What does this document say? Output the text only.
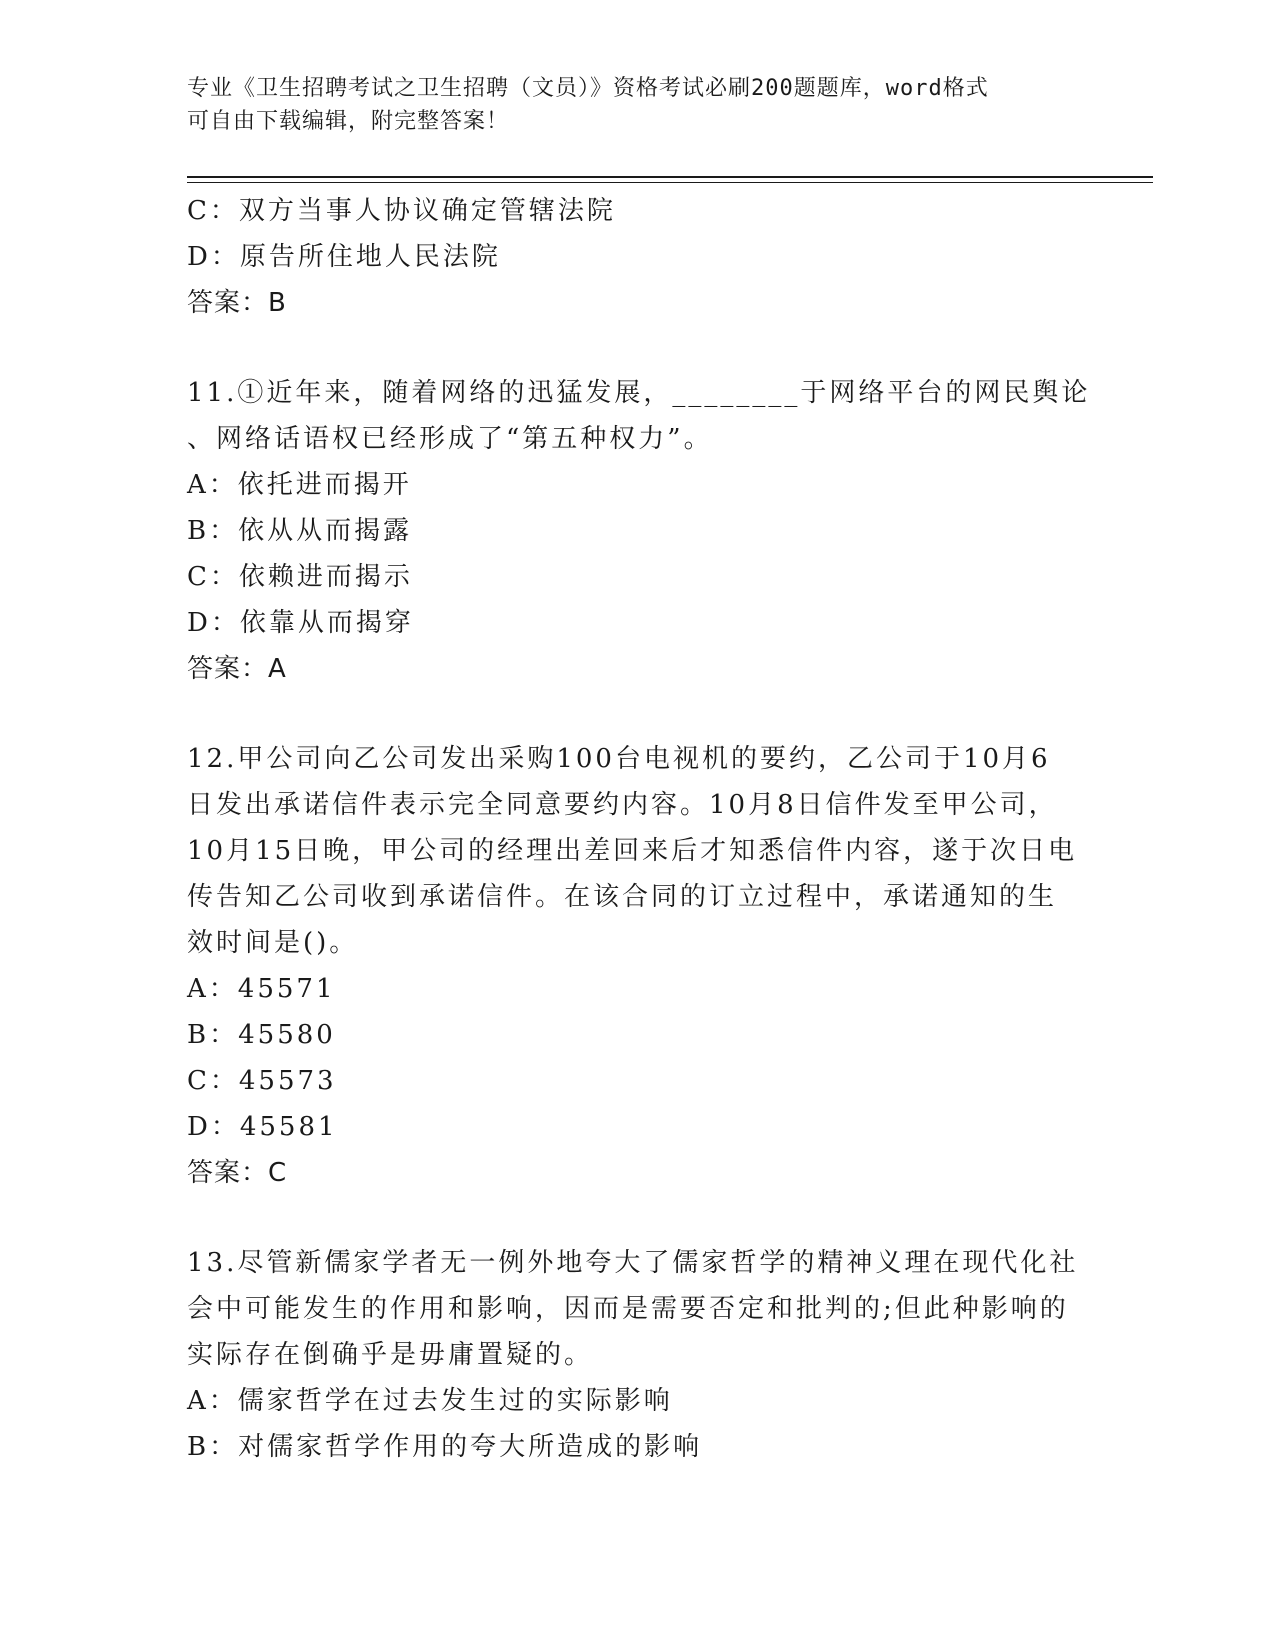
专业《卫生招聘考试之卫生招聘（文员）》资格考试必刷200题题库，word格式
可自由下载编辑，附完整答案！
C：双方当事人协议确定管辖法院
D：原告所住地人民法院
答案：B
11.①近年来，随着网络的迅猛发展，________于网络平台的网民舆论
、网络话语权已经形成了“第五种权力”。
A：依托进而揭开
B：依从从而揭露
C：依赖进而揭示
D：依靠从而揭穿
答案：A
12.甲公司向乙公司发出采购100台电视机的要约，乙公司于10月6
日发出承诺信件表示完全同意要约内容。10月8日信件发至甲公司，
10月15日晚，甲公司的经理出差回来后才知悉信件内容，遂于次日电
传告知乙公司收到承诺信件。在该合同的订立过程中，承诺通知的生
效时间是()。
A：45571
B：45580
C：45573
D：45581
答案：C
13.尽管新儒家学者无一例外地夸大了儒家哲学的精神义理在现代化社
会中可能发生的作用和影响，因而是需要否定和批判的;但此种影响的
实际存在倒确乎是毋庸置疑的。
A：儒家哲学在过去发生过的实际影响
B：对儒家哲学作用的夸大所造成的影响
